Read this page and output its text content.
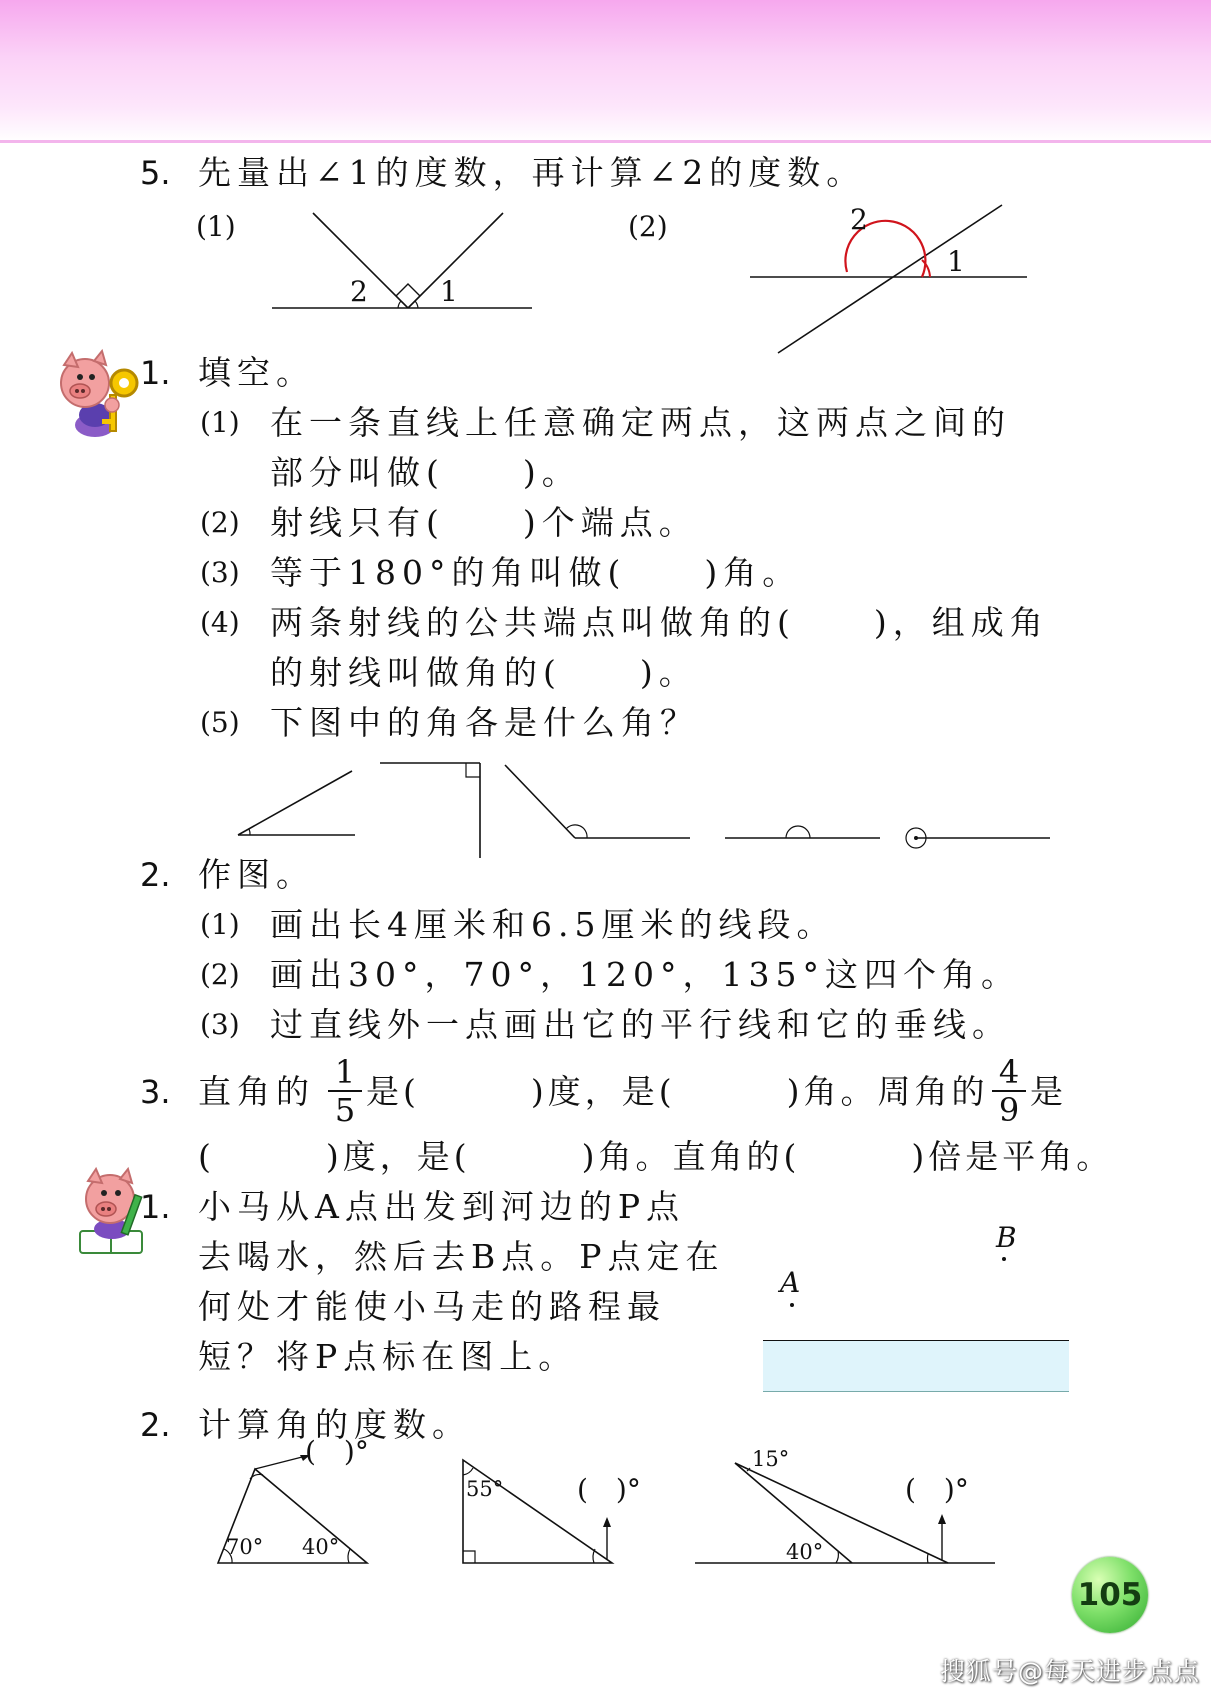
5. 先量出∠1的度数，再计算∠2的度数。
(1)	(2)
2	1
2
1
1. 填空。
(1) 在一条直线上任意确定两点，这两点之间的
部分叫做(　　)。
(2) 射线只有(　　)个端点。
(3) 等于180°的角叫做(　　)角。
(4) 两条射线的公共端点叫做角的(　　)，组成角
的射线叫做角的(　　)。
(5) 下图中的角各是什么角？
2. 作图。
(1) 画出长4厘米和6.5厘米的线段。
(2) 画出30°，70°，120°，135°这四个角。
(3) 过直线外一点画出它的平行线和它的垂线。
3. 直角的 1
5 是(　　　)度，是(　　　)角。周角的 4
9 是
(　　　)度，是(　　　)角。直角的(　　　)倍是平角。
1. 小马从A点出发到河边的P点
去喝水，然后去B点。P点定在
何处才能使小马走的路程最
短？将P点标在图上。
B
A
2. 计算角的度数。
(　)°
70° 40°
55°	(　)°
15°
40°
(　)°
105
搜狐号@每天进步点点
